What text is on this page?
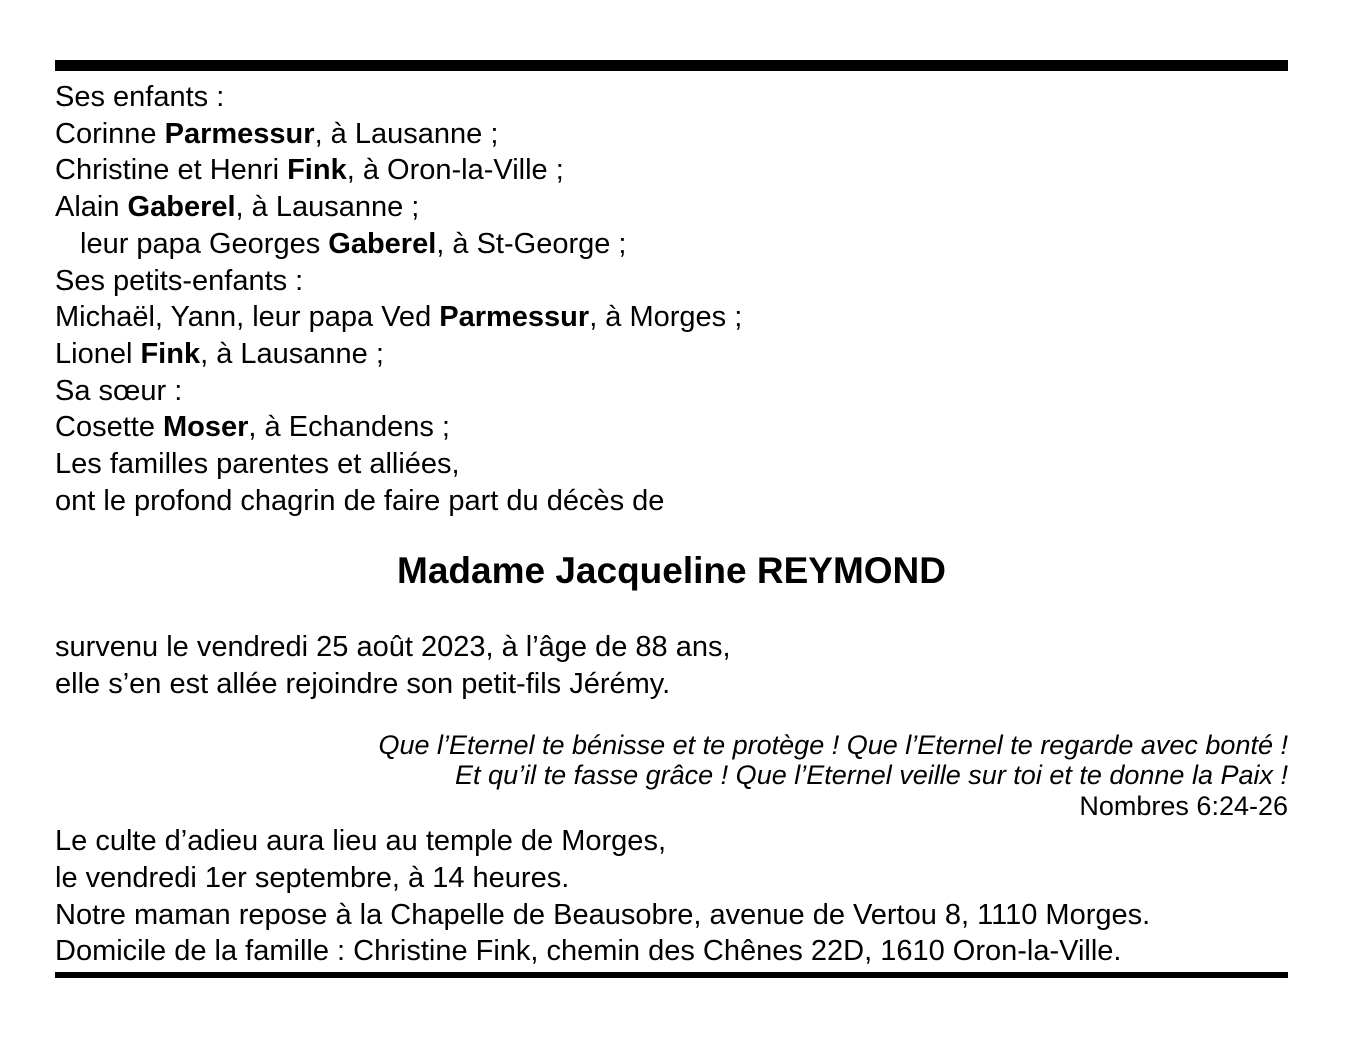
Ses enfants :
Corinne Parmessur, à Lausanne ;
Christine et Henri Fink, à Oron-la-Ville ;
Alain Gaberel, à Lausanne ;
leur papa Georges Gaberel, à St-George ;
Ses petits-enfants :
Michaël, Yann, leur papa Ved Parmessur, à Morges ;
Lionel Fink, à Lausanne ;
Sa sœur :
Cosette Moser, à Echandens ;
Les familles parentes et alliées,
ont le profond chagrin de faire part du décès de
Madame Jacqueline REYMOND
survenu le vendredi 25 août 2023, à l’âge de 88 ans,
elle s’en est allée rejoindre son petit-fils Jérémy.
Que l’Eternel te bénisse et te protège ! Que l’Eternel te regarde avec bonté !
Et qu’il te fasse grâce ! Que l’Eternel veille sur toi et te donne la Paix !
Nombres 6:24-26
Le culte d’adieu aura lieu au temple de Morges,
le vendredi 1er septembre, à 14 heures.
Notre maman repose à la Chapelle de Beausobre, avenue de Vertou 8, 1110 Morges.
Domicile de la famille : Christine Fink, chemin des Chênes 22D, 1610 Oron-la-Ville.
